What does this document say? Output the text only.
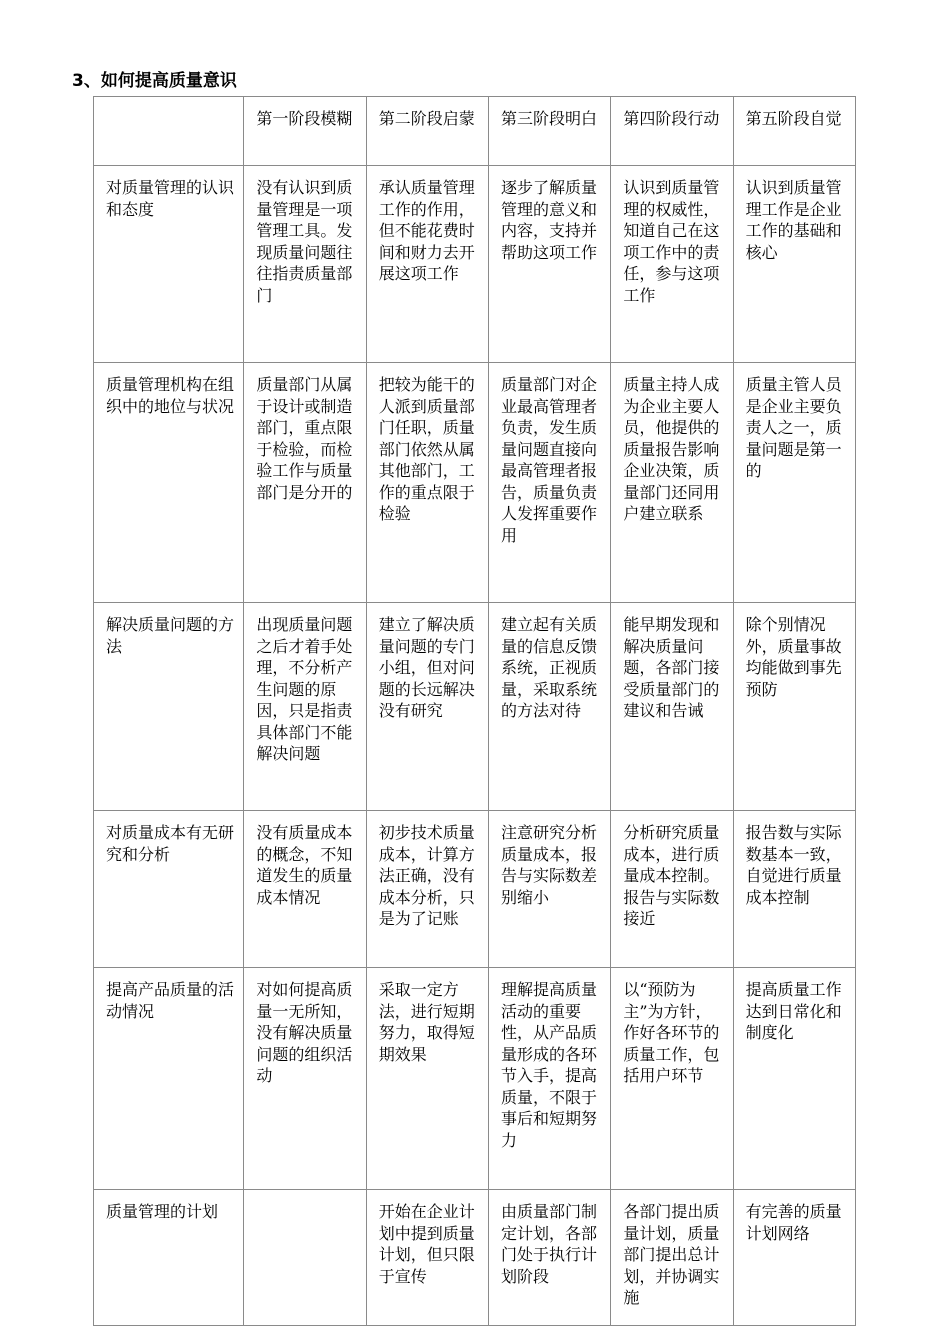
3、如何提高质量意识
	第一阶段模糊	第二阶段启蒙	第三阶段明白	第四阶段行动	第五阶段自觉
对质量管理的认识和态度	没有认识到质量管理是一项管理工具。发现质量问题往往指责质量部门	承认质量管理工作的作用，但不能花费时间和财力去开展这项工作	逐步了解质量管理的意义和内容，支持并帮助这项工作	认识到质量管理的权威性，知道自己在这项工作中的责任，参与这项工作	认识到质量管理工作是企业工作的基础和核心
质量管理机构在组织中的地位与状况	质量部门从属于设计或制造部门，重点限于检验，而检验工作与质量部门是分开的	把较为能干的人派到质量部门任职，质量部门依然从属其他部门，工作的重点限于检验	质量部门对企业最高管理者负责，发生质量问题直接向最高管理者报告，质量负责人发挥重要作用	质量主持人成为企业主要人员，他提供的质量报告影响企业决策，质量部门还同用户建立联系	质量主管人员是企业主要负责人之一，质量问题是第一的
解决质量问题的方法	出现质量问题之后才着手处理，不分析产生问题的原因，只是指责具体部门不能解决问题	建立了解决质量问题的专门小组，但对问题的长远解决没有研究	建立起有关质量的信息反馈系统，正视质量，采取系统的方法对待	能早期发现和解决质量问题，各部门接受质量部门的建议和告诫	除个别情况外，质量事故均能做到事先预防
对质量成本有无研究和分析	没有质量成本的概念，不知道发生的质量成本情况	初步技术质量成本，计算方法正确，没有成本分析，只是为了记账	注意研究分析质量成本，报告与实际数差别缩小	分析研究质量成本，进行质量成本控制。报告与实际数接近	报告数与实际数基本一致，自觉进行质量成本控制
提高产品质量的活动情况	对如何提高质量一无所知，没有解决质量问题的组织活动	采取一定方法，进行短期努力，取得短期效果	理解提高质量活动的重要性，从产品质量形成的各环节入手，提高质量，不限于事后和短期努力	以“预防为主”为方针，作好各环节的质量工作，包括用户环节	提高质量工作达到日常化和制度化
质量管理的计划		开始在企业计划中提到质量计划，但只限于宣传	由质量部门制定计划，各部门处于执行计划阶段	各部门提出质量计划，质量部门提出总计划，并协调实施	有完善的质量计划网络
